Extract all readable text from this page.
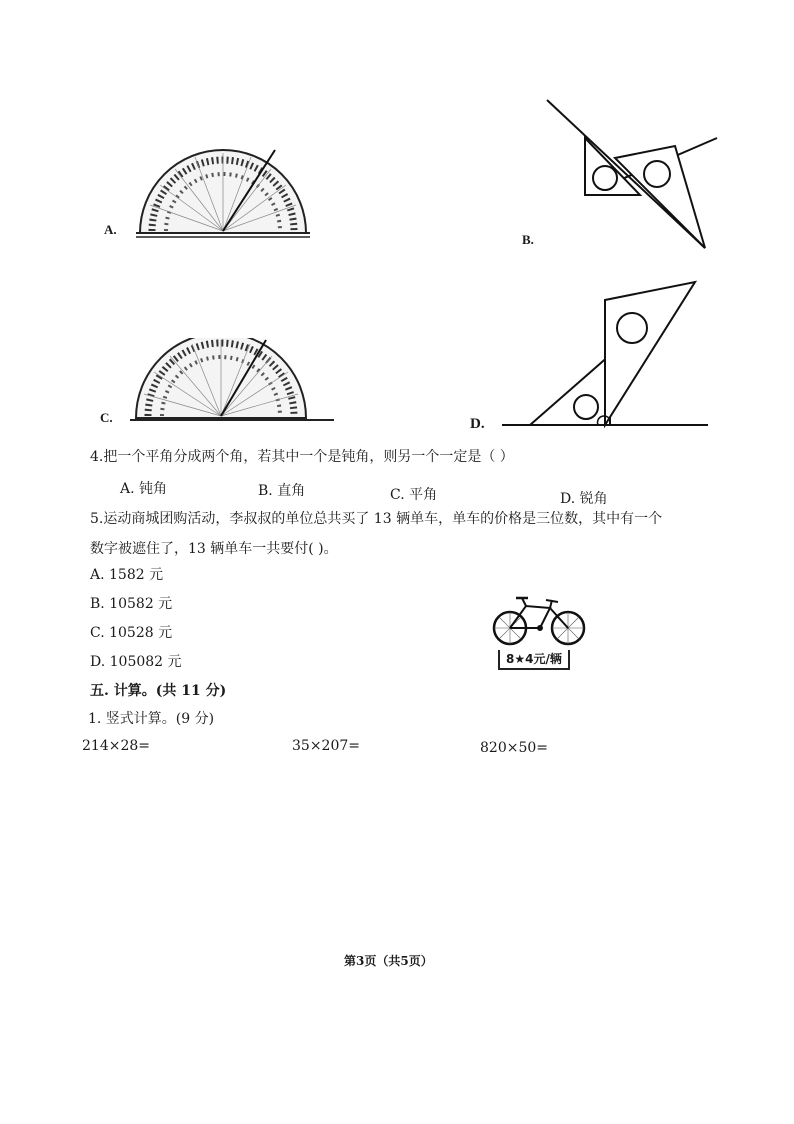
A.
B.
C.	D.
4.把一个平角分成两个角，若其中一个是钝角，则另一个一定是（ ）
A. 钝角	B. 直角	C. 平角	D. 锐角
5.运动商城团购活动，李叔叔的单位总共买了 13 辆单车，单车的价格是三位数，其中有一个
数字被遮住了，13 辆单车一共要付( )。
A. 1582 元
B. 10582 元
C. 10528 元
D. 105082 元	8★4元/辆
五. 计算。(共 11 分)
1. 竖式计算。(9 分)
214×28=	35×207=	820×50=
第3页（共5页）
